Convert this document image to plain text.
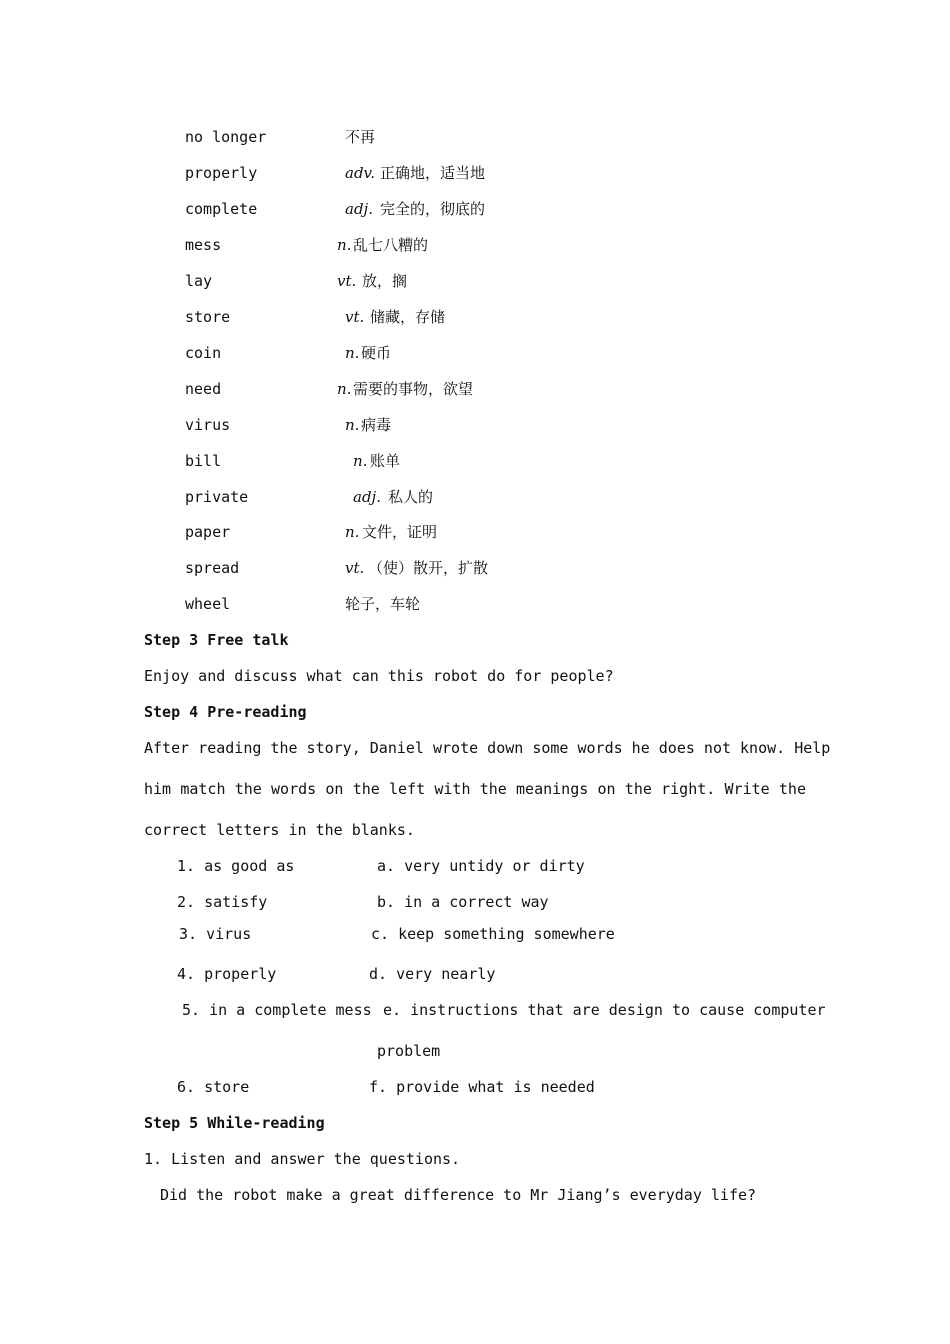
no longer	不再
properly	adv. 正确地，适当地
complete	adj. 完全的，彻底的
mess	n. 乱七八糟的
lay	vt. 放，搁
store	vt. 储藏，存储
coin	n. 硬币
need	n. 需要的事物，欲望
virus	n. 病毒
bill	n. 账单
private	adj. 私人的
paper	n. 文件，证明
spread	vt. （使）散开，扩散
wheel	轮子，车轮
Step 3 Free talk
Enjoy and discuss what can this robot do for people?
Step 4 Pre-reading
After reading the story, Daniel wrote down some words he does not know. Help
him match the words on the left with the meanings on the right. Write the
correct letters in the blanks.
1. as good as	a. very untidy or dirty
2. satisfy	b. in a correct way
3. virus	c. keep something somewhere
4. properly	d. very nearly
5. in a complete mess e. instructions that are design to cause computer
problem
6. store	f. provide what is needed
Step 5 While-reading
1. Listen and answer the questions.
Did the robot make a great difference to Mr Jiang’s everyday life?
